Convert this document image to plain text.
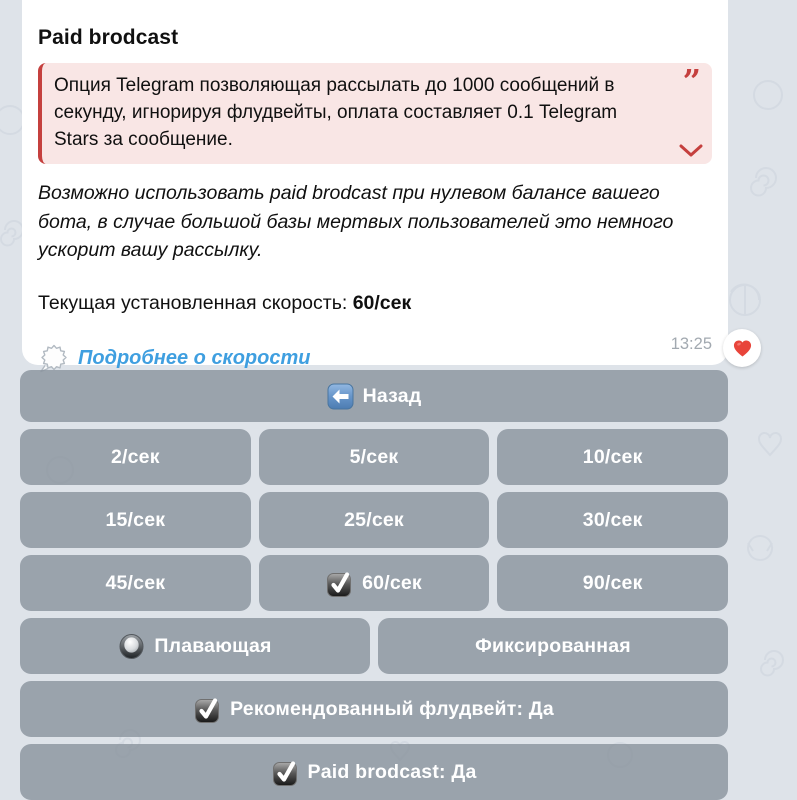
Paid brodcast
”
Опция Telegram позволяющая рассылать до 1000 сообщений в секунду, игнорируя флудвейты, оплата составляет 0.1 Telegram Stars за сообщение.

Возможно использовать paid brodcast при нулевом балансе вашего бота, в случае большой базы мертвых пользователей это немного ускорит вашу рассылку.

Текущая установленная скорость: 60/сек

Подробнее о скорости
13:25
Назад
2/сек	5/сек	10/сек
15/сек	25/сек	30/сек
45/сек	60/сек	90/сек
Плавающая	Фиксированная
Рекомендованный флудвейт: Да
Paid brodcast: Да
